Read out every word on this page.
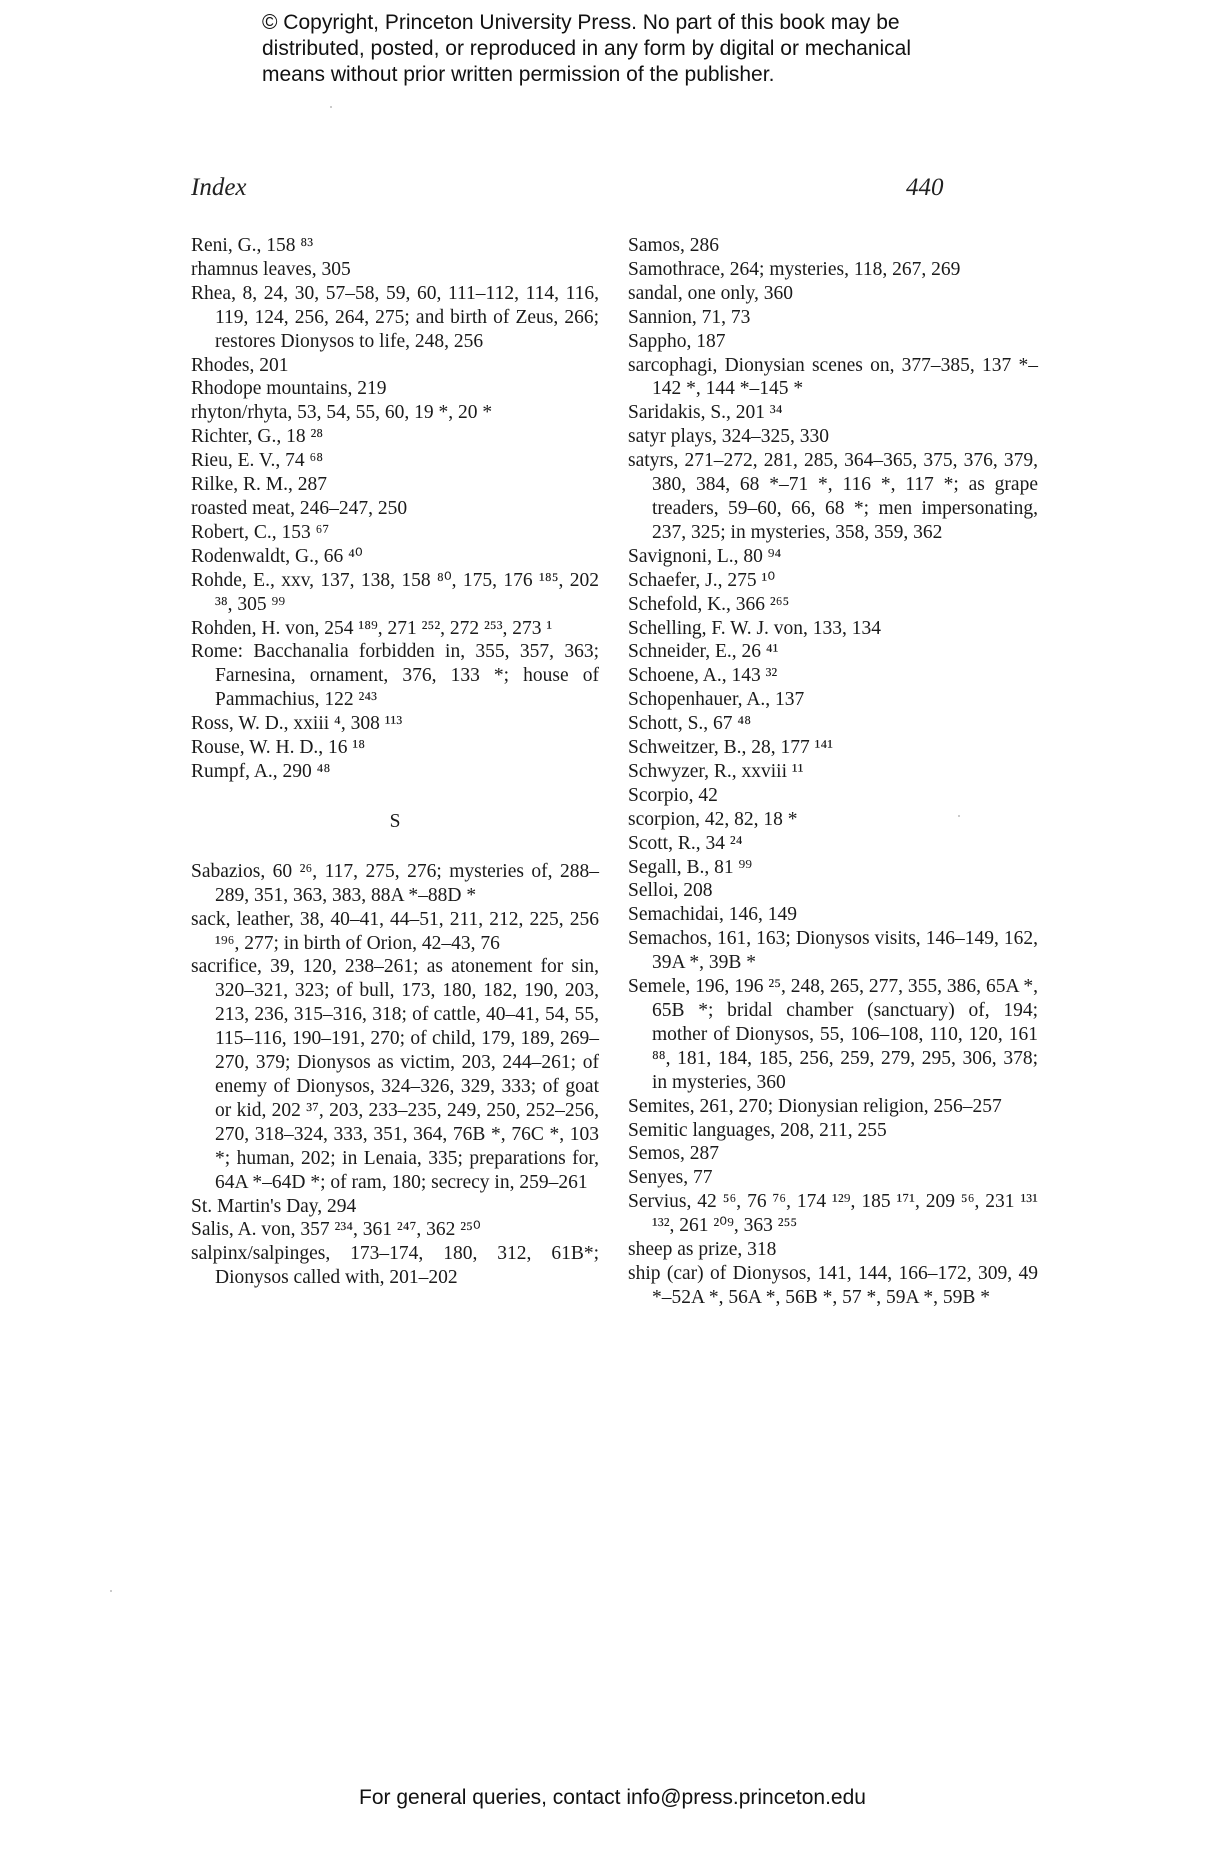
© Copyright, Princeton University Press. No part of this book may be
distributed, posted, or reproduced in any form by digital or mechanical
means without prior written permission of the publisher.
Index	440
Reni, G., 158 ⁸³
rhamnus leaves, 305
Rhea, 8, 24, 30, 57–58, 59, 60, 111–112, 114, 116, 119, 124, 256, 264, 275; and birth of Zeus, 266; restores Dionysos to life, 248, 256
Rhodes, 201
Rhodope mountains, 219
rhyton/rhyta, 53, 54, 55, 60, 19 *, 20 *
Richter, G., 18 ²⁸
Rieu, E. V., 74 ⁶⁸
Rilke, R. M., 287
roasted meat, 246–247, 250
Robert, C., 153 ⁶⁷
Rodenwaldt, G., 66 ⁴⁰
Rohde, E., xxv, 137, 138, 158 ⁸⁰, 175, 176 ¹⁸⁵, 202 ³⁸, 305 ⁹⁹
Rohden, H. von, 254 ¹⁸⁹, 271 ²⁵², 272 ²⁵³, 273 ¹
Rome: Bacchanalia forbidden in, 355, 357, 363; Farnesina, ornament, 376, 133 *; house of Pammachius, 122 ²⁴³
Ross, W. D., xxiii ⁴, 308 ¹¹³
Rouse, W. H. D., 16 ¹⁸
Rumpf, A., 290 ⁴⁸
S
Sabazios, 60 ²⁶, 117, 275, 276; mysteries of, 288–289, 351, 363, 383, 88A *–88D *
sack, leather, 38, 40–41, 44–51, 211, 212, 225, 256 ¹⁹⁶, 277; in birth of Orion, 42–43, 76
sacrifice, 39, 120, 238–261; as atonement for sin, 320–321, 323; of bull, 173, 180, 182, 190, 203, 213, 236, 315–316, 318; of cattle, 40–41, 54, 55, 115–116, 190–191, 270; of child, 179, 189, 269–270, 379; Dionysos as victim, 203, 244–261; of enemy of Dionysos, 324–326, 329, 333; of goat or kid, 202 ³⁷, 203, 233–235, 249, 250, 252–256, 270, 318–324, 333, 351, 364, 76B *, 76C *, 103 *; human, 202; in Lenaia, 335; preparations for, 64A *–64D *; of ram, 180; secrecy in, 259–261
St. Martin's Day, 294
Salis, A. von, 357 ²³⁴, 361 ²⁴⁷, 362 ²⁵⁰
salpinx/salpinges, 173–174, 180, 312, 61B*; Dionysos called with, 201–202
Samos, 286
Samothrace, 264; mysteries, 118, 267, 269
sandal, one only, 360
Sannion, 71, 73
Sappho, 187
sarcophagi, Dionysian scenes on, 377–385, 137 *–142 *, 144 *–145 *
Saridakis, S., 201 ³⁴
satyr plays, 324–325, 330
satyrs, 271–272, 281, 285, 364–365, 375, 376, 379, 380, 384, 68 *–71 *, 116 *, 117 *; as grape treaders, 59–60, 66, 68 *; men impersonating, 237, 325; in mysteries, 358, 359, 362
Savignoni, L., 80 ⁹⁴
Schaefer, J., 275 ¹⁰
Schefold, K., 366 ²⁶⁵
Schelling, F. W. J. von, 133, 134
Schneider, E., 26 ⁴¹
Schoene, A., 143 ³²
Schopenhauer, A., 137
Schott, S., 67 ⁴⁸
Schweitzer, B., 28, 177 ¹⁴¹
Schwyzer, R., xxviii ¹¹
Scorpio, 42
scorpion, 42, 82, 18 *
Scott, R., 34 ²⁴
Segall, B., 81 ⁹⁹
Selloi, 208
Semachidai, 146, 149
Semachos, 161, 163; Dionysos visits, 146–149, 162, 39A *, 39B *
Semele, 196, 196 ²⁵, 248, 265, 277, 355, 386, 65A *, 65B *; bridal chamber (sanctuary) of, 194; mother of Dionysos, 55, 106–108, 110, 120, 161 ⁸⁸, 181, 184, 185, 256, 259, 279, 295, 306, 378; in mysteries, 360
Semites, 261, 270; Dionysian religion, 256–257
Semitic languages, 208, 211, 255
Semos, 287
Senyes, 77
Servius, 42 ⁵⁶, 76 ⁷⁶, 174 ¹²⁹, 185 ¹⁷¹, 209 ⁵⁶, 231 ¹³¹ ¹³², 261 ²⁰⁹, 363 ²⁵⁵
sheep as prize, 318
ship (car) of Dionysos, 141, 144, 166–172, 309, 49 *–52A *, 56A *, 56B *, 57 *, 59A *, 59B *
For general queries, contact info@press.princeton.edu
